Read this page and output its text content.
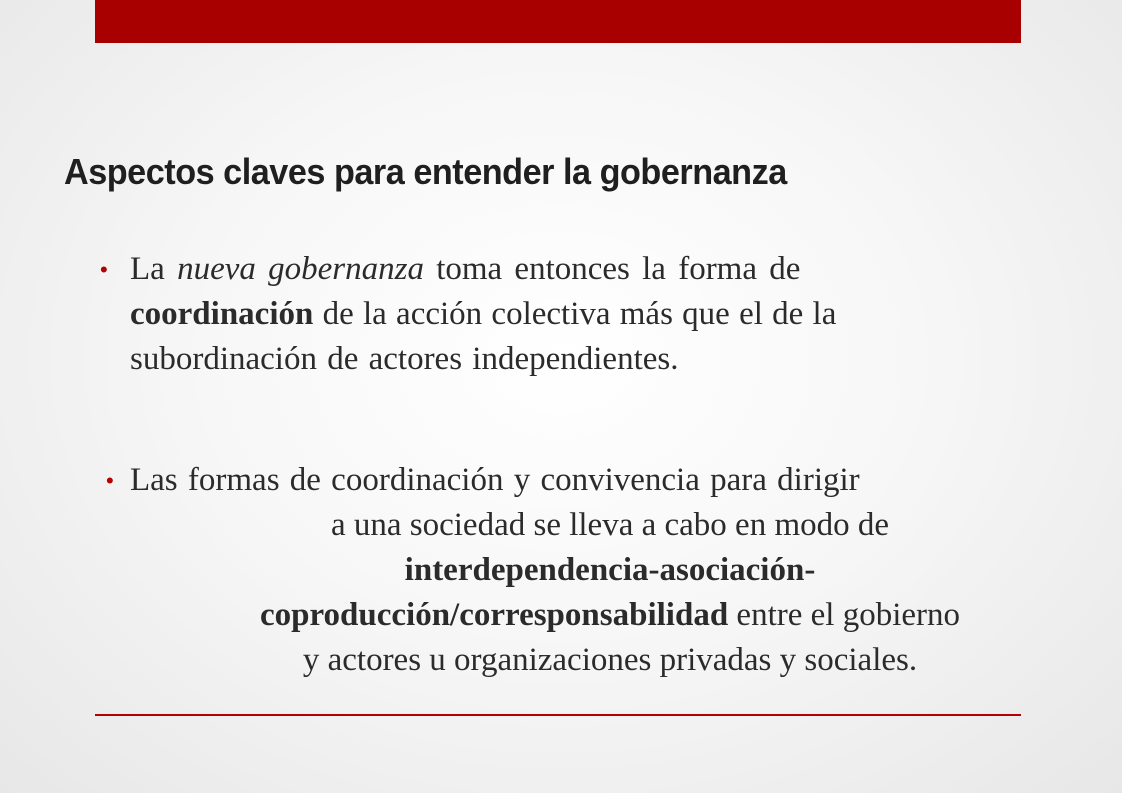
Aspectos claves para entender la gobernanza
• La nueva gobernanza toma entonces la forma de
coordinación de la acción colectiva más que el de la
subordinación de actores independientes.
• Las formas de coordinación y convivencia para dirigir
a una sociedad se lleva a cabo en modo de
interdependencia-asociación-
coproducción/corresponsabilidad entre el gobierno
y actores u organizaciones privadas y sociales.
